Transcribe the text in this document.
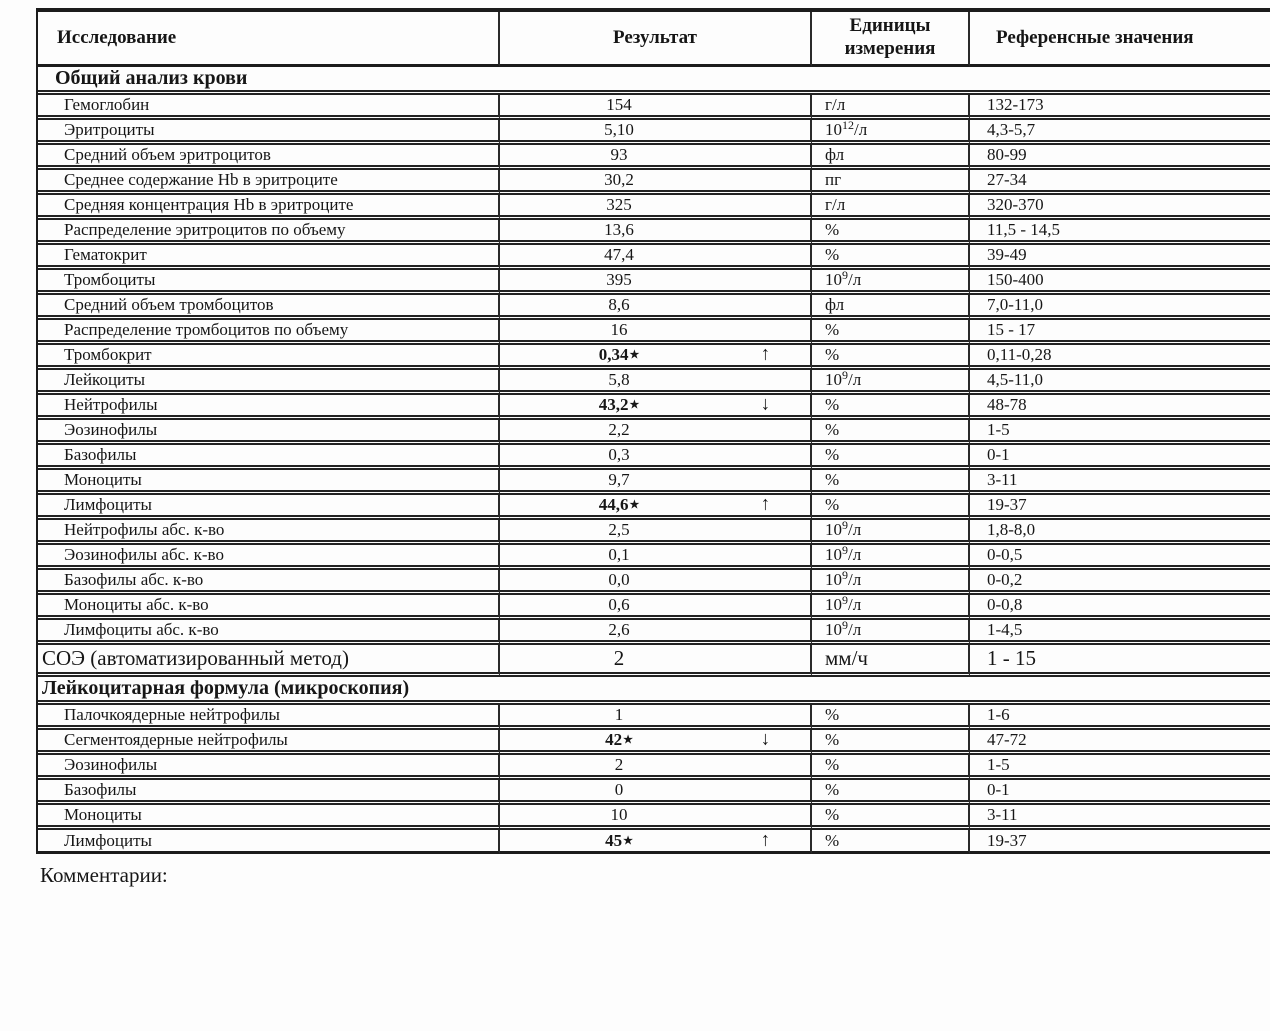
Исследование	Результат	Единицы измерения	Референсные значения
Общий анализ крови			
Гемоглобин	154	г/л	132-173
Эритроциты	5,10	$10^{12}/л$	4,3-5,7
Средний объем эритроцитов	93	фл	80-99
Среднее содержание Hb в эритроците	30,2	пг	27-34
Средняя концентрация Hb в эритроците	325	г/л	320-370
Распределение эритроцитов по объему	13,6	%	11,5 - 14,5
Гематокрит	47,4	%	39-49
Тромбоциты	395	$10^9/л$	150-400
Средний объем тромбоцитов	8,6	фл	7,0-11,0
Распределение тромбоцитов по объему	16	%	15 - 17
Тромбокрит	0,34★ ↑	%	0,11-0,28
Лейкоциты	5,8	$10^9/л$	4,5-11,0
Нейтрофилы	43,2★ ↓	%	48-78
Эозинофилы	2,2	%	1-5
Базофилы	0,3	%	0-1
Моноциты	9,7	%	3-11
Лимфоциты	44,6★ ↑	%	19-37
Нейтрофилы абс. к-во	2,5	$10^9/л$	1,8-8,0
Эозинофилы абс. к-во	0,1	$10^9/л$	0-0,5
Базофилы абс. к-во	0,0	$10^9/л$	0-0,2
Моноциты абс. к-во	0,6	$10^9/л$	0-0,8
Лимфоциты абс. к-во	2,6	$10^9/л$	1-4,5
СОЭ (автоматизированный метод)	2	мм/ч	1 - 15
Лейкоцитарная формула (микроскопия)			
Палочкоядерные нейтрофилы	1	%	1-6
Сегментоядерные нейтрофилы	42★ ↓	%	47-72
Эозинофилы	2	%	1-5
Базофилы	0	%	0-1
Моноциты	10	%	3-11
Лимфоциты	45★ ↑	%	19-37
Комментарии:
